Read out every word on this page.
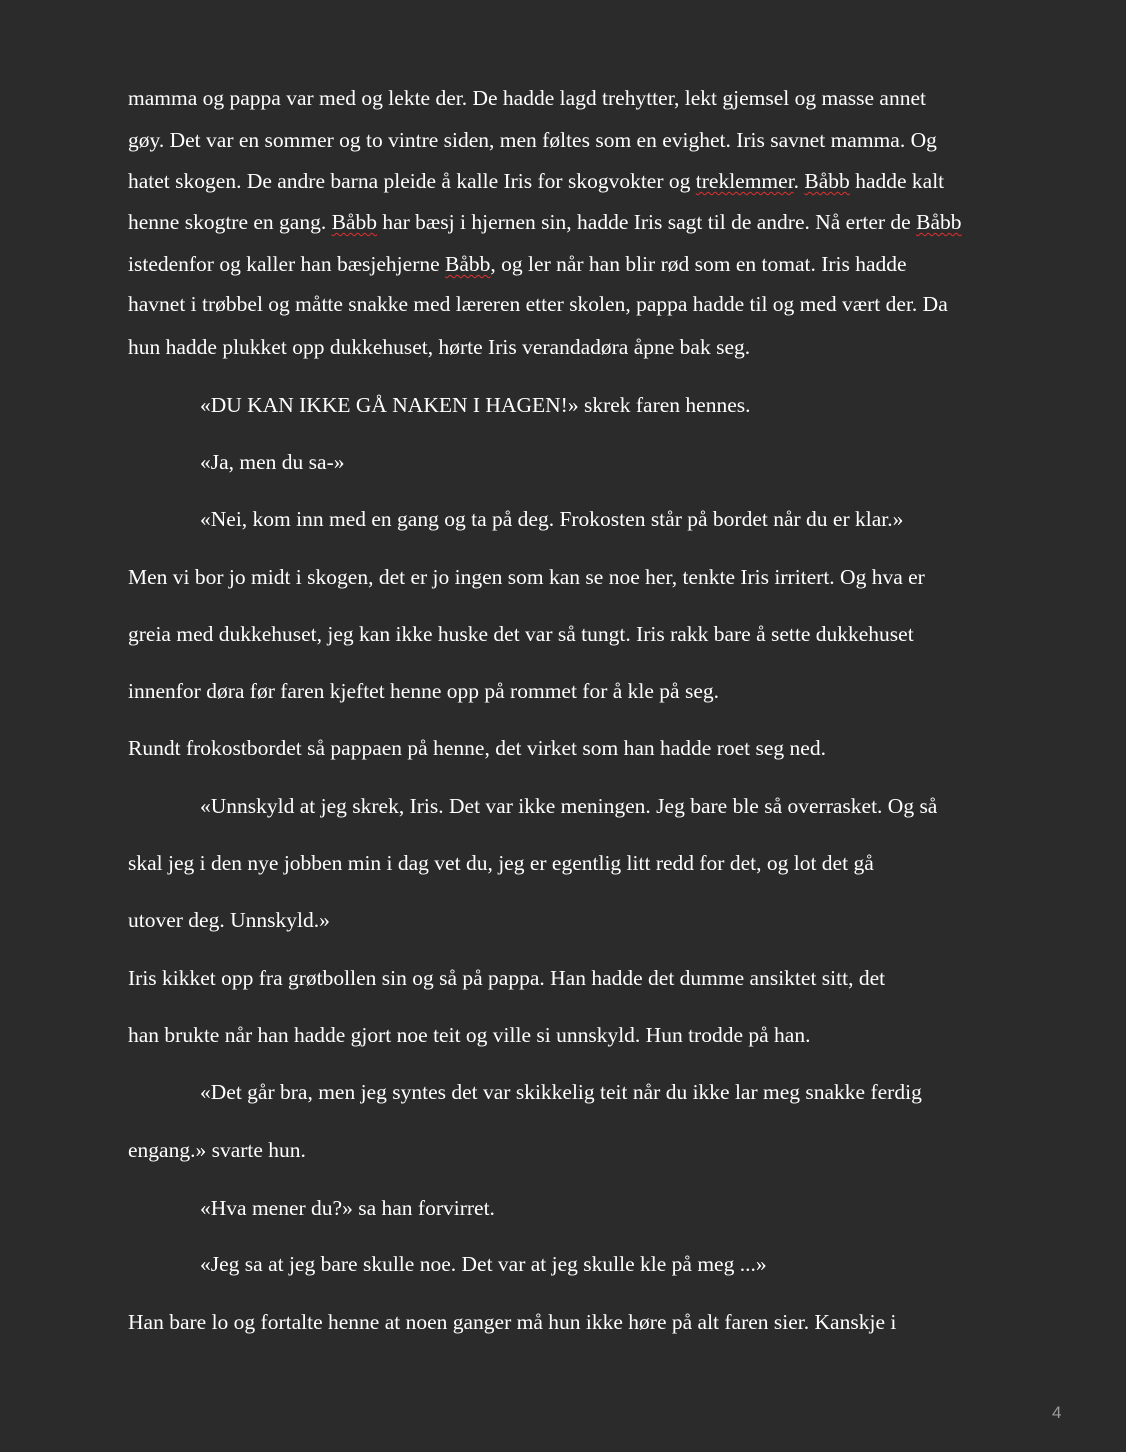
mamma og pappa var med og lekte der. De hadde lagd trehytter, lekt gjemsel og masse annet
gøy. Det var en sommer og to vintre siden, men føltes som en evighet. Iris savnet mamma. Og
hatet skogen. De andre barna pleide å kalle Iris for skogvokter og treklemmer. Båbb hadde kalt
henne skogtre en gang. Båbb har bæsj i hjernen sin, hadde Iris sagt til de andre. Nå erter de Båbb
istedenfor og kaller han bæsjehjerne Båbb, og ler når han blir rød som en tomat. Iris hadde
havnet i trøbbel og måtte snakke med læreren etter skolen, pappa hadde til og med vært der. Da
hun hadde plukket opp dukkehuset, hørte Iris verandadøra åpne bak seg.
«DU KAN IKKE GÅ NAKEN I HAGEN!» skrek faren hennes.
«Ja, men du sa-»
«Nei, kom inn med en gang og ta på deg. Frokosten står på bordet når du er klar.»
Men vi bor jo midt i skogen, det er jo ingen som kan se noe her, tenkte Iris irritert. Og hva er
greia med dukkehuset, jeg kan ikke huske det var så tungt. Iris rakk bare å sette dukkehuset
innenfor døra før faren kjeftet henne opp på rommet for å kle på seg.
Rundt frokostbordet så pappaen på henne, det virket som han hadde roet seg ned.
«Unnskyld at jeg skrek, Iris. Det var ikke meningen. Jeg bare ble så overrasket. Og så
skal jeg i den nye jobben min i dag vet du, jeg er egentlig litt redd for det, og lot det gå
utover deg. Unnskyld.»
Iris kikket opp fra grøtbollen sin og så på pappa. Han hadde det dumme ansiktet sitt, det
han brukte når han hadde gjort noe teit og ville si unnskyld. Hun trodde på han.
«Det går bra, men jeg syntes det var skikkelig teit når du ikke lar meg snakke ferdig
engang.» svarte hun.
«Hva mener du?» sa han forvirret.
«Jeg sa at jeg bare skulle noe. Det var at jeg skulle kle på meg ...»
Han bare lo og fortalte henne at noen ganger må hun ikke høre på alt faren sier. Kanskje i
4
